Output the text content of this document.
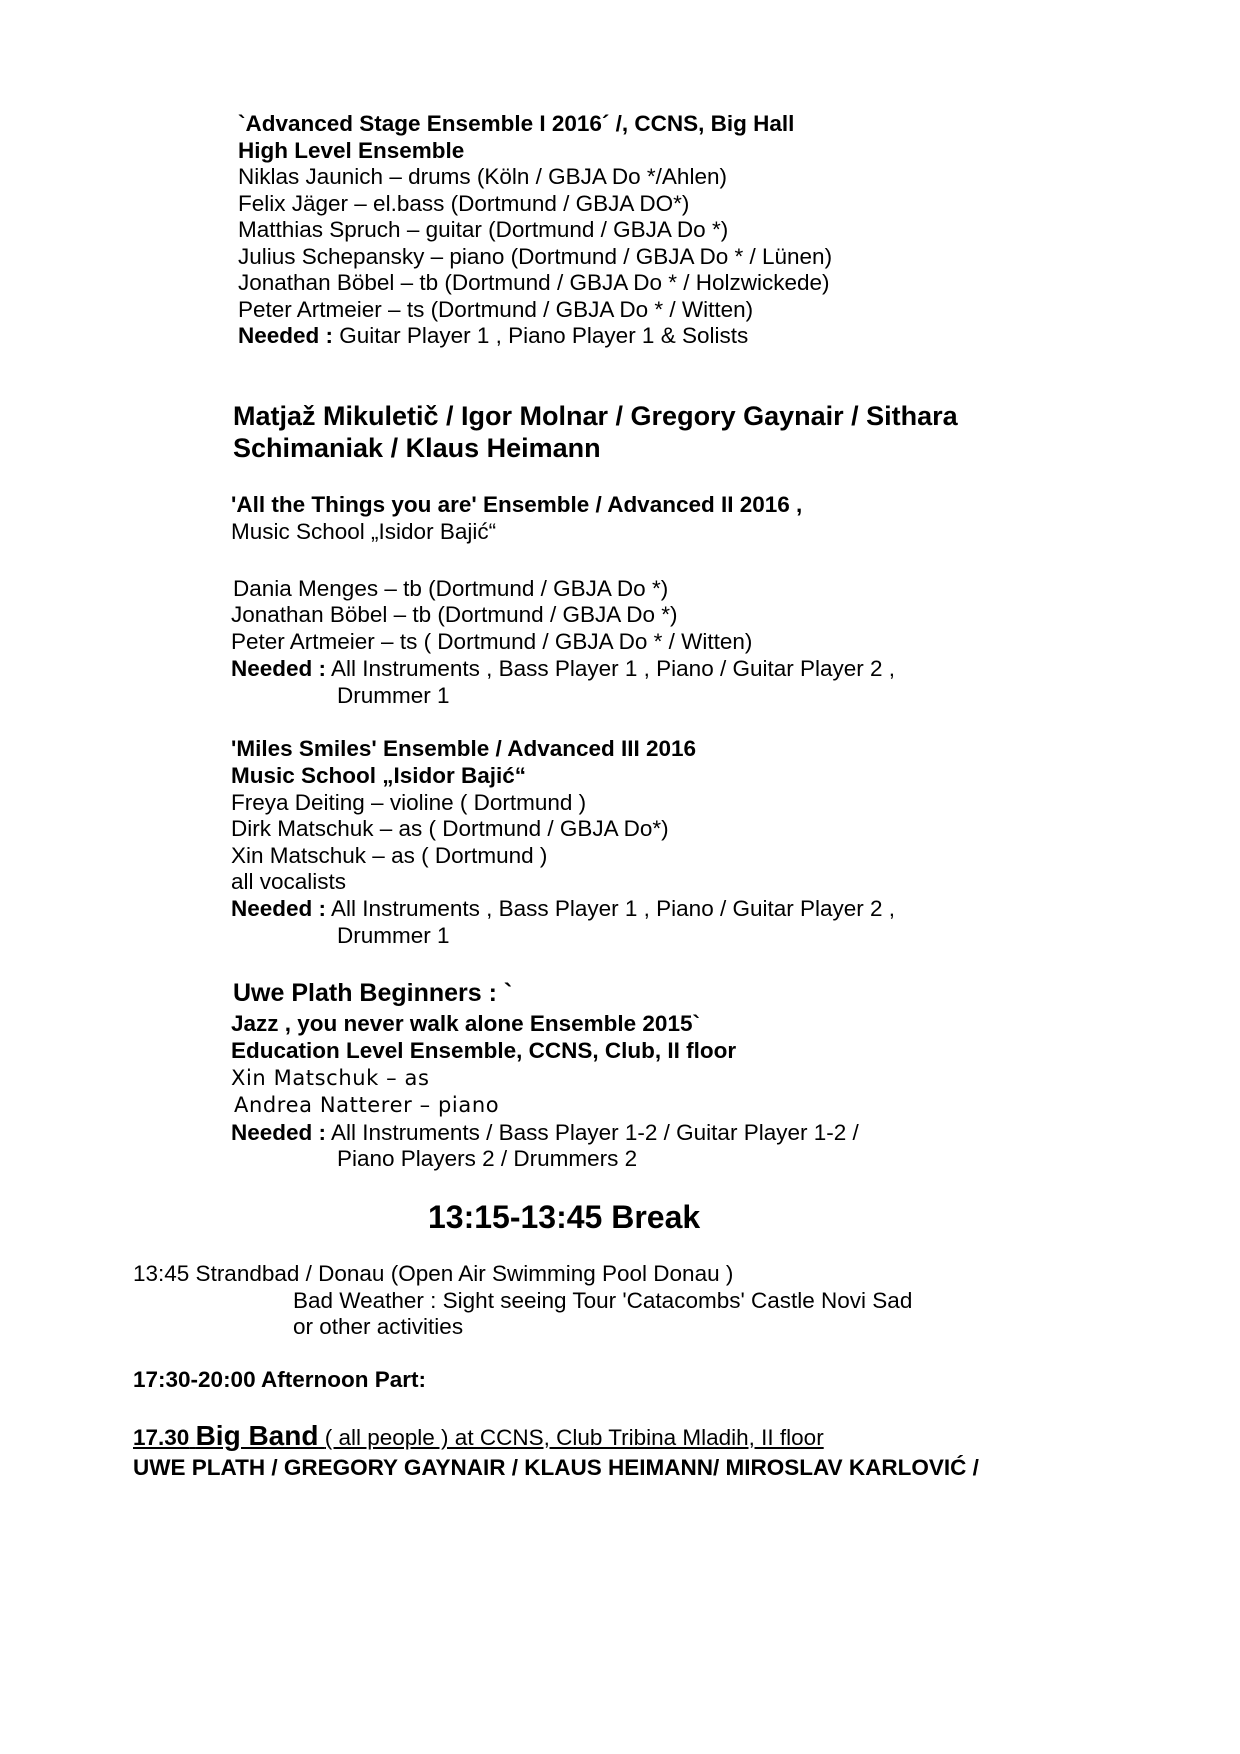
`Advanced Stage Ensemble I 2016´ /, CCNS, Big Hall
High Level Ensemble
Niklas Jaunich – drums (Köln / GBJA Do */Ahlen)
Felix Jäger – el.bass (Dortmund / GBJA DO*)
Matthias Spruch – guitar (Dortmund / GBJA Do *)
Julius Schepansky – piano (Dortmund / GBJA Do * / Lünen)
Jonathan Böbel – tb (Dortmund / GBJA Do * / Holzwickede)
Peter Artmeier – ts (Dortmund / GBJA Do * / Witten)
Needed : Guitar Player 1 , Piano Player 1 & Solists
Matjaž Mikuletič / Igor Molnar / Gregory Gaynair / Sithara
Schimaniak / Klaus Heimann
'All the Things you are' Ensemble / Advanced II 2016 ,
Music School „Isidor Bajić“
Dania Menges – tb (Dortmund / GBJA Do *)
Jonathan Böbel – tb (Dortmund / GBJA Do *)
Peter Artmeier – ts ( Dortmund / GBJA Do * / Witten)
Needed : All Instruments , Bass Player 1 , Piano / Guitar Player 2 ,
Drummer 1
'Miles Smiles' Ensemble / Advanced III 2016
Music School „Isidor Bajić“
Freya Deiting – violine ( Dortmund )
Dirk Matschuk – as ( Dortmund / GBJA Do*)
Xin Matschuk – as ( Dortmund )
all vocalists
Needed : All Instruments , Bass Player 1 , Piano / Guitar Player 2 ,
Drummer 1
Uwe Plath Beginners : `
Jazz , you never walk alone Ensemble 2015`
Education Level Ensemble, CCNS, Club, II floor
Xin Matschuk – as
Andrea Natterer – piano
Needed : All Instruments / Bass Player 1-2 / Guitar Player 1-2 /
Piano Players 2 / Drummers 2
13:15-13:45 Break
13:45 Strandbad / Donau (Open Air Swimming Pool Donau )
Bad Weather : Sight seeing Tour 'Catacombs' Castle Novi Sad
or other activities
17:30-20:00 Afternoon Part:
17.30 Big Band ( all people ) at CCNS, Club Tribina Mladih, II floor
UWE PLATH / GREGORY GAYNAIR / KLAUS HEIMANN/ MIROSLAV KARLOVIĆ /
